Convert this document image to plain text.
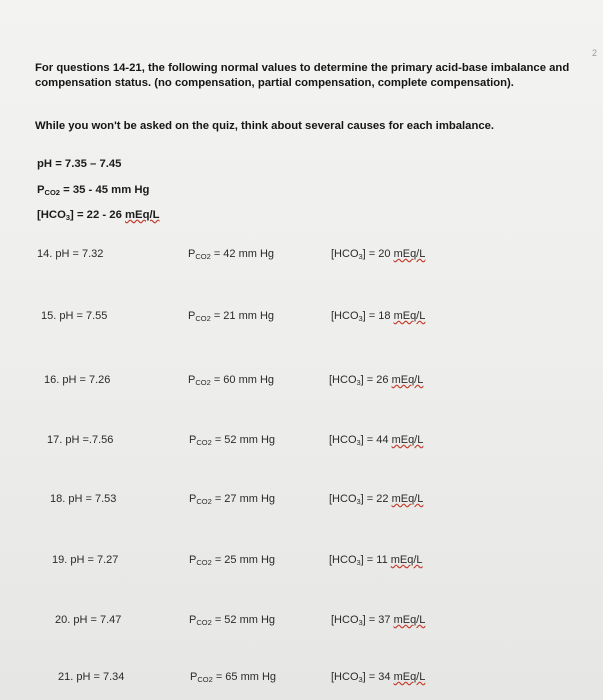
2
For questions 14-21, the following normal values to determine the primary acid-base imbalance and
compensation status. (no compensation, partial compensation, complete compensation).
While you won't be asked on the quiz, think about several causes for each imbalance.
pH = 7.35 – 7.45
$P_{CO2} = 35 - 45$ mm Hg
$[HCO_3] = 22 - 26$ mEq/L
14. pH = 7.32	$P_{CO2} = 42$ mm Hg	$[HCO_3] = 20$ mEq/L
15. pH = 7.55	$P_{CO2} = 21$ mm Hg	$[HCO_3] = 18$ mEq/L
16. pH = 7.26	$P_{CO2} = 60$ mm Hg	$[HCO_3] = 26$ mEq/L
17. pH =.7.56	$P_{CO2} = 52$ mm Hg	$[HCO_3] = 44$ mEq/L
18. pH = 7.53	$P_{CO2} = 27$ mm Hg	$[HCO_3] = 22$ mEq/L
19. pH = 7.27	$P_{CO2} = 25$ mm Hg	$[HCO_3] = 11$ mEq/L
20. pH = 7.47	$P_{CO2} = 52$ mm Hg	$[HCO_3] = 37$ mEq/L
21. pH = 7.34	$P_{CO2} = 65$ mm Hg	$[HCO_3] = 34$ mEq/L
